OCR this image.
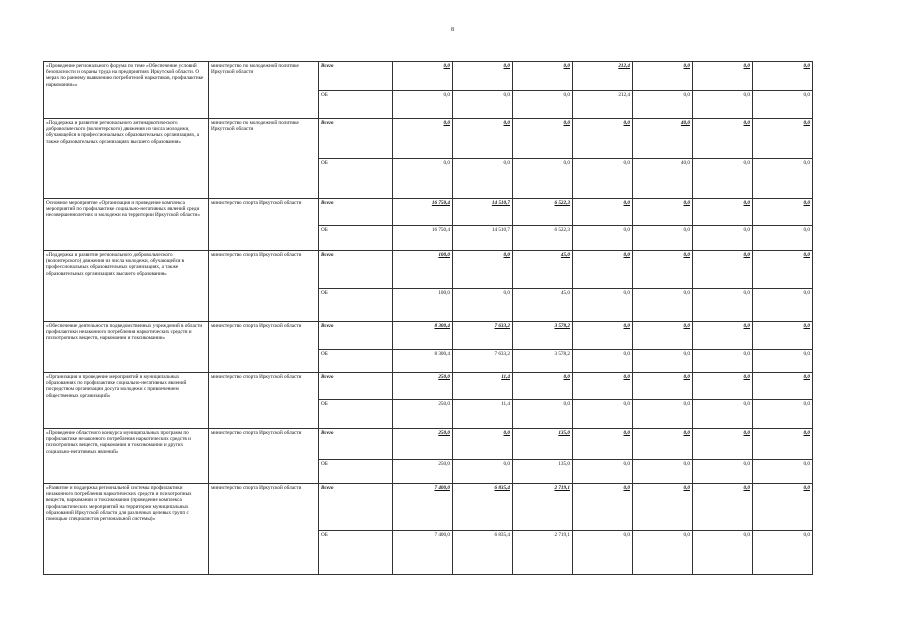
8
«Проведение регионального форума по теме «Обеспечение условий безопасности и охраны труда на предприятиях Иркутской области. О мерах по раннему выявлению потребителей наркотиков, профилактике наркомании»»	министерство по молодежной политике Иркутской области	Всего	0,0	0,0	0,0	212,4	0,0	0,0	0,0
		ОБ	0,0	0,0	0,0	212,4	0,0	0,0	0,0
«Поддержка и развитие регионального антинаркотического добровольческого (волонтерского) движения из числа молодежи, обучающейся в профессиональных образовательных организациях, а также образовательных организациях высшего образования»	министерство по молодежной политике Иркутской области	Всего	0,0	0,0	0,0	0,0	40,0	0,0	0,0
		ОБ	0,0	0,0	0,0	0,0	40,0	0,0	0,0
Основное мероприятие «Организация и проведение комплекса мероприятий по профилактике социально-негативных явлений среди несовершеннолетних и молодежи на территории Иркутской области»	министерство спорта Иркутской области	Всего	16 750,4	14 510,7	6 522,3	0,0	0,0	0,0	0,0
		ОБ	16 750,4	14 510,7	6 522,3	0,0	0,0	0,0	0,0
«Поддержка и развитие регионального добровольческого (волонтерского) движения из числа молодежи, обучающейся в профессиональных образовательных организациях, а также образовательных организациях высшего образования»	министерство спорта Иркутской области	Всего	100,0	0,0	45,0	0,0	0,0	0,0	0,0
		ОБ	100,0	0,0	45,0	0,0	0,0	0,0	0,0
«Обеспечение деятельности подведомственных учреждений в области профилактики незаконного потребления наркотических средств и психотропных веществ, наркомании и токсикомании»	министерство спорта Иркутской области	Всего	8 300,4	7 633,2	3 578,2	0,0	0,0	0,0	0,0
		ОБ	8 300,4	7 633,2	3 578,2	0,0	0,0	0,0	0,0
«Организация и проведение мероприятий в муниципальных образованиях по профилактике социально-негативных явлений посредством организации досуга молодежи с привлечением общественных организаций»	министерство спорта Иркутской области	Всего	250,0	11,4	0,0	0,0	0,0	0,0	0,0
		ОБ	250,0	11,4	0,0	0,0	0,0	0,0	0,0
«Проведение областного конкурса муниципальных программ по профилактике незаконного потребления наркотических средств и психотропных веществ, наркомании и токсикомании и других социально-негативных явлений»	министерство спорта Иркутской области	Всего	250,0	0,0	135,0	0,0	0,0	0,0	0,0
		ОБ	250,0	0,0	135,0	0,0	0,0	0,0	0,0
«Развитие и поддержка региональной системы профилактики незаконного потребления наркотических средств и психотропных веществ, наркомании и токсикомании (проведение комплекса профилактических мероприятий на территории муниципальных образований Иркутской области для различных целевых групп с помощью специалистов региональной системы)»	министерство спорта Иркутской области	Всего	7 400,0	6 835,4	2 719,1	0,0	0,0	0,0	0,0
		ОБ	7 400,0	6 835,4	2 719,1	0,0	0,0	0,0	0,0
